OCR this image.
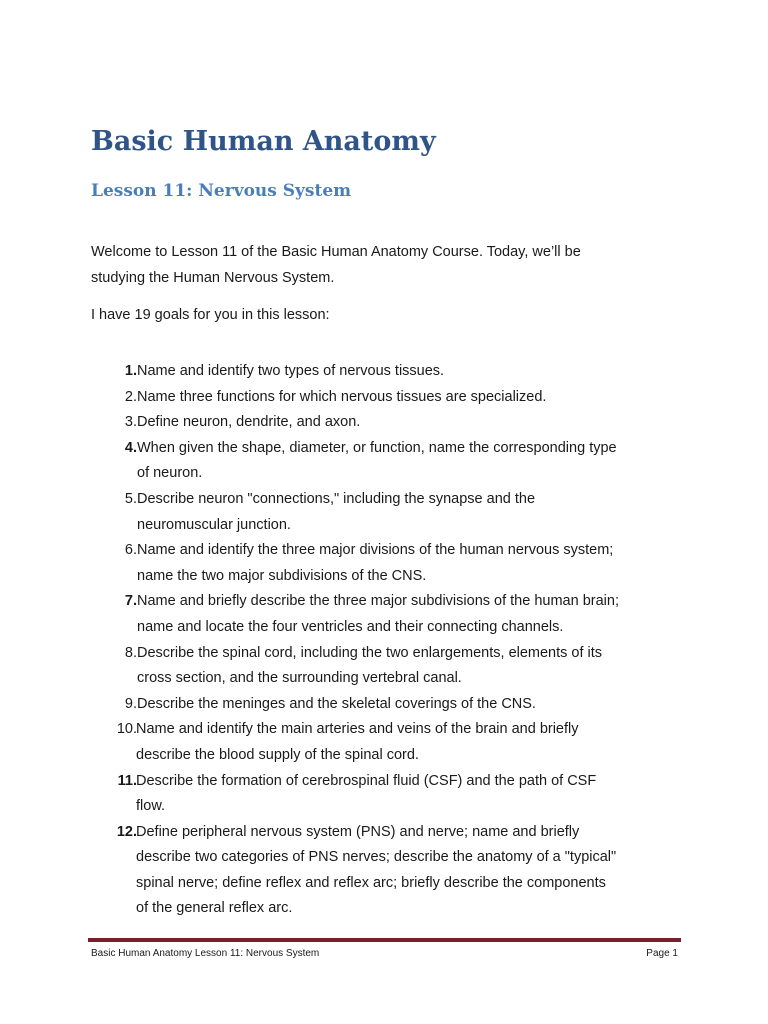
Basic Human Anatomy
Lesson 11: Nervous System

Welcome to Lesson 11 of the Basic Human Anatomy Course. Today, we’ll be
studying the Human Nervous System.

I have 19 goals for you in this lesson:

1. Name and identify two types of nervous tissues.
2. Name three functions for which nervous tissues are specialized.
3. Define neuron, dendrite, and axon.
4. When given the shape, diameter, or function, name the corresponding type
of neuron.
5. Describe neuron "connections," including the synapse and the
neuromuscular junction.
6. Name and identify the three major divisions of the human nervous system;
name the two major subdivisions of the CNS.
7. Name and briefly describe the three major subdivisions of the human brain;
name and locate the four ventricles and their connecting channels.
8. Describe the spinal cord, including the two enlargements, elements of its
cross section, and the surrounding vertebral canal.
9. Describe the meninges and the skeletal coverings of the CNS.
10. Name and identify the main arteries and veins of the brain and briefly
describe the blood supply of the spinal cord.
11. Describe the formation of cerebrospinal fluid (CSF) and the path of CSF
flow.
12. Define peripheral nervous system (PNS) and nerve; name and briefly
describe two categories of PNS nerves; describe the anatomy of a "typical"
spinal nerve; define reflex and reflex arc; briefly describe the components
of the general reflex arc.
Basic Human Anatomy Lesson 11: Nervous System	Page 1
